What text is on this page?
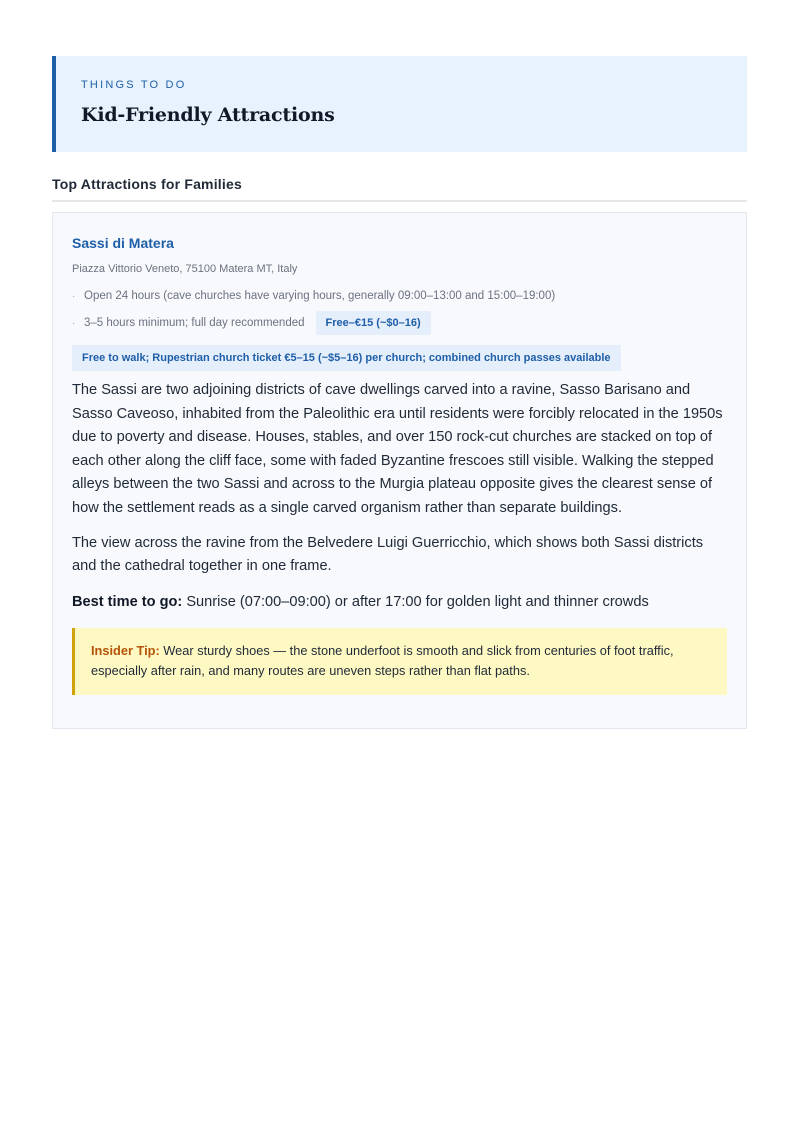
THINGS TO DO
Kid-Friendly Attractions
Top Attractions for Families
Sassi di Matera
Piazza Vittorio Veneto, 75100 Matera MT, Italy
· Open 24 hours (cave churches have varying hours, generally 09:00–13:00 and 15:00–19:00)
· 3–5 hours minimum; full day recommended	Free–€15 (~$0–16)
Free to walk; Rupestrian church ticket €5–15 (~$5–16) per church; combined church passes available

The Sassi are two adjoining districts of cave dwellings carved into a ravine, Sasso Barisano and Sasso Caveoso, inhabited from the Paleolithic era until residents were forcibly relocated in the 1950s due to poverty and disease. Houses, stables, and over 150 rock-cut churches are stacked on top of each other along the cliff face, some with faded Byzantine frescoes still visible. Walking the stepped alleys between the two Sassi and across to the Murgia plateau opposite gives the clearest sense of how the settlement reads as a single carved organism rather than separate buildings.

The view across the ravine from the Belvedere Luigi Guerricchio, which shows both Sassi districts and the cathedral together in one frame.

Best time to go: Sunrise (07:00–09:00) or after 17:00 for golden light and thinner crowds

Insider Tip: Wear sturdy shoes — the stone underfoot is smooth and slick from centuries of foot traffic, especially after rain, and many routes are uneven steps rather than flat paths.
